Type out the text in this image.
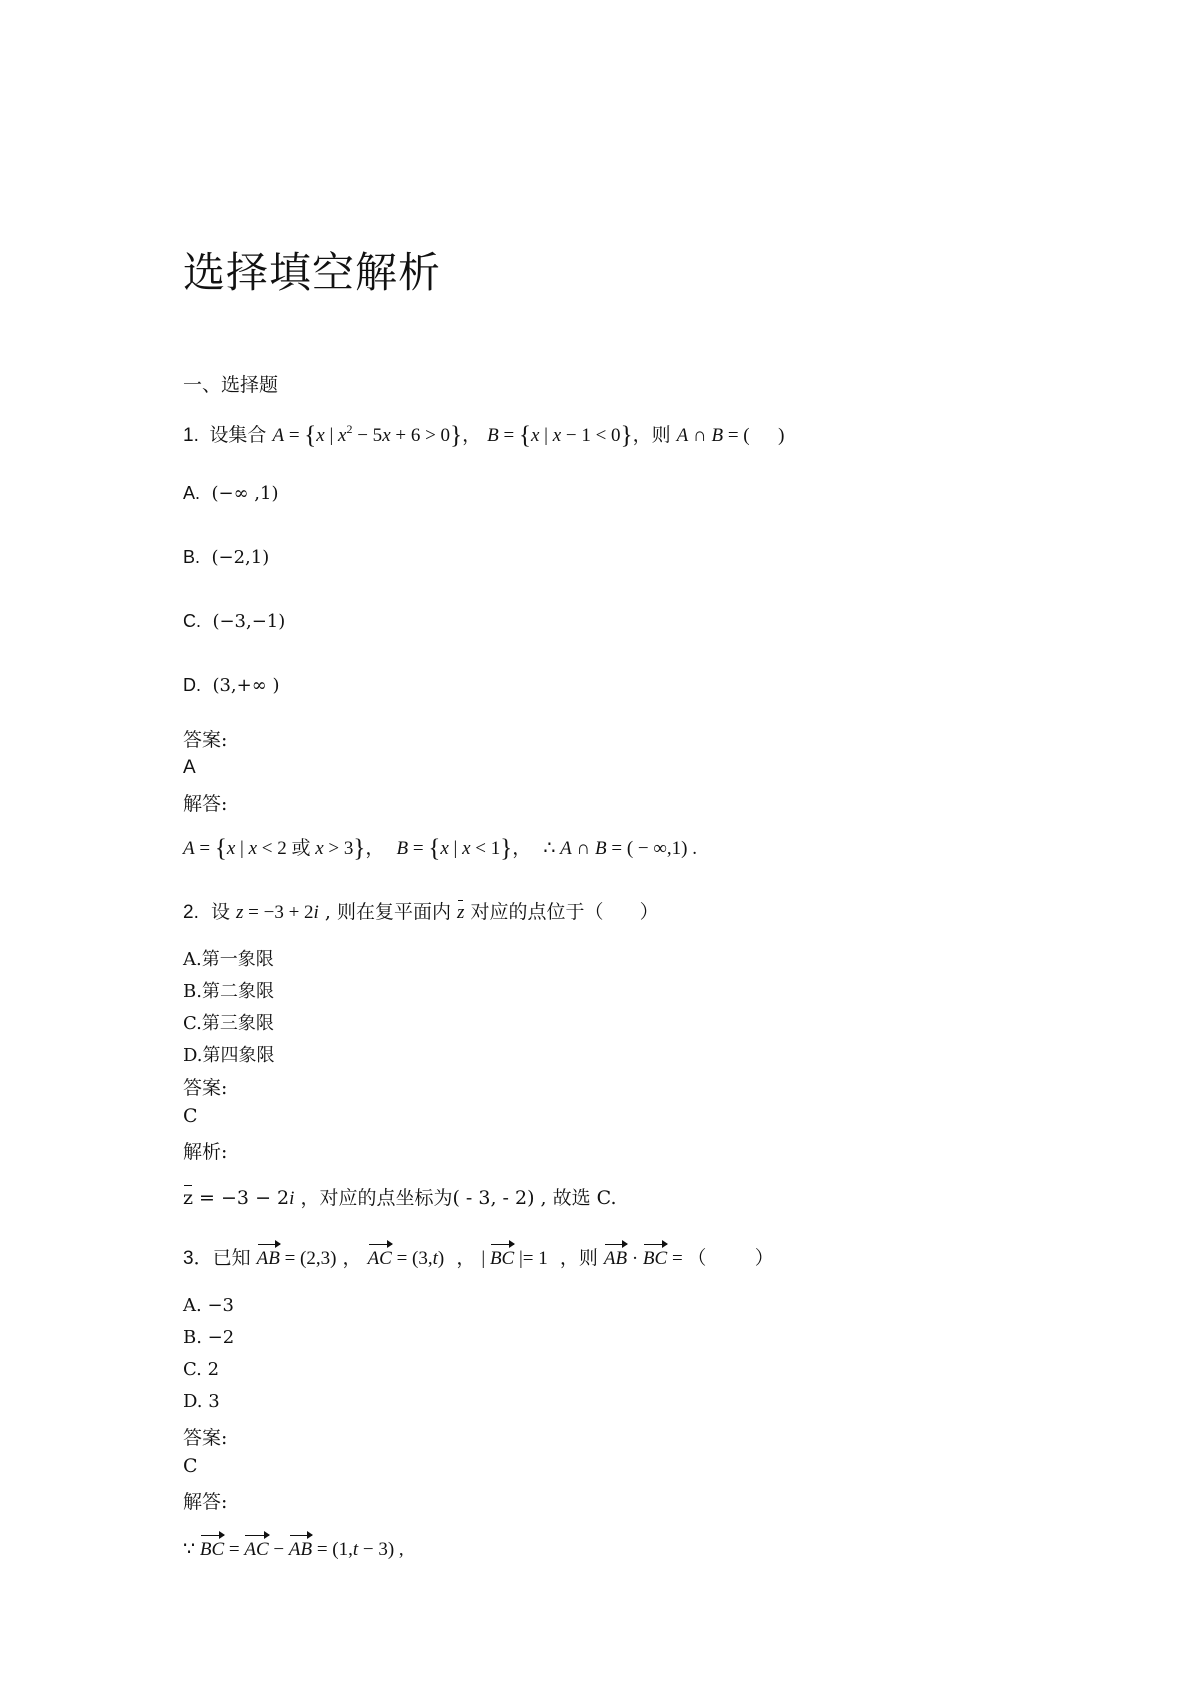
选择填空解析
一、选择题
1.  设集合 A = {x | $x^2 - 5x + 6 > 0$}， B = {x | x − 1 < 0}，则 A ∩ B = (      )
A.  (−∞ ,1)
B.  (−2,1)
C.  (−3,−1)
D.  (3,+∞ )
答案:
A
解答:
A = {x | x < 2 或 x > 3}，  B = {x | x < 1}，  ∴ A ∩ B = ( − ∞,1) .
2.  设 z = −3 + 2i , 则在复平面内 z 对应的点位于（      ）
A.第一象限
B.第二象限
C.第三象限
D.第四象限
答案:
C
解析:
z = −3 − 2i ，对应的点坐标为( - 3, - 2) , 故选 C.
3．已知 AB = (2,3) ， AC = (3,t)  ， | BC |= 1  ，则 AB · BC = （        ）
A. −3
B. −2
C. 2
D. 3
答案:
C
解答:
∵ BC = AC − AB = (1,t − 3) ,
